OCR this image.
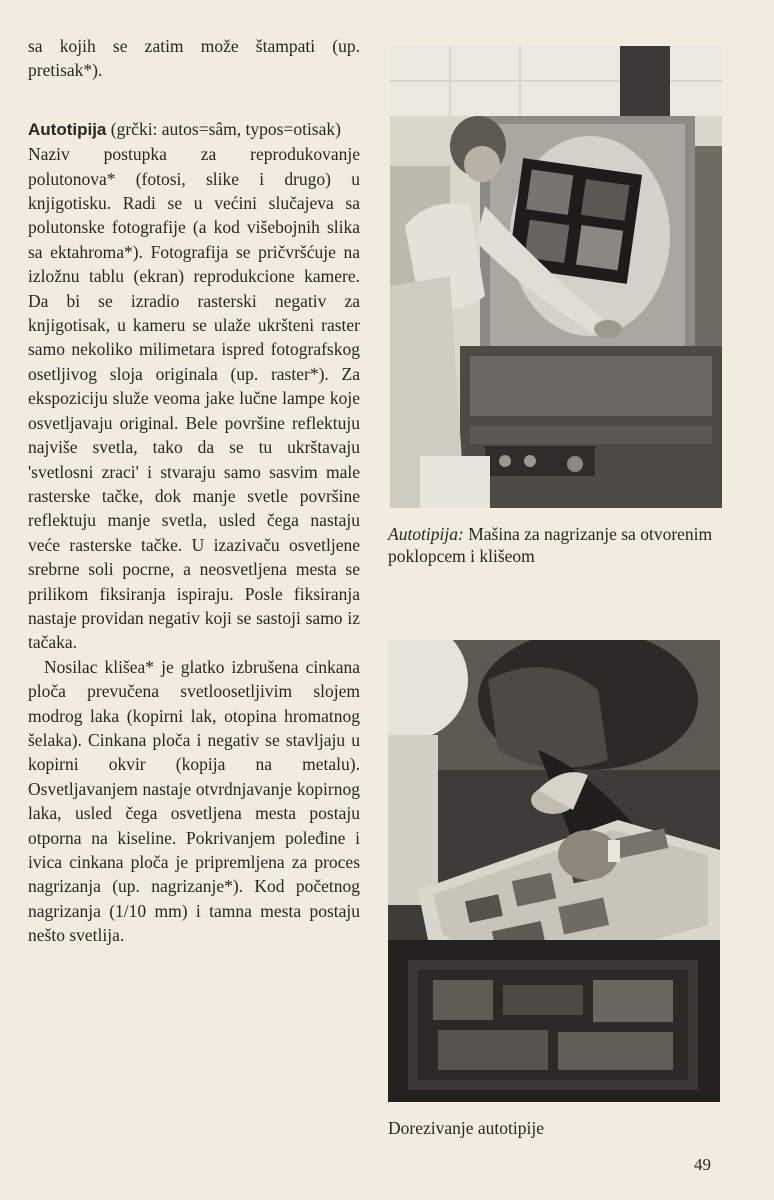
sa kojih se zatim može štampati (up. pretisak*).

Autotipija (grčki: autos=sâm, typos=otisak)

Naziv postupka za reprodukovanje polutonova* (fotosi, slike i drugo) u knjigotisku. Radi se u većini slučajeva sa polutonske fotografije (a kod višebojnih slika sa ektahroma*). Fotografija se pričvršćuje na izložnu tablu (ekran) reprodukcione kamere. Da bi se izradio rasterski negativ za knjigotisak, u kameru se ulaže ukršteni raster samo nekoliko milimetara ispred fotografskog osetljivog sloja originala (up. raster*). Za ekspoziciju služe veoma jake lučne lampe koje osvetljavaju original. Bele površine reflektuju najviše svetla, tako da se tu ukrštavaju 'svetlosni zraci' i stvaraju samo sasvim male rasterske tačke, dok manje svetle površine reflektuju manje svetla, usled čega nastaju veće rasterske tačke. U izazivaču osvetljene srebrne soli pocrne, a neosvetljena mesta se prilikom fiksiranja ispiraju. Posle fiksiranja nastaje providan negativ koji se sastoji samo iz tačaka.

Nosilac klišea* je glatko izbrušena cinkana ploča prevučena svetloosetljivim slojem modrog laka (kopirni lak, otopina hromatnog šelaka). Cinkana ploča i negativ se stavljaju u kopirni okvir (kopija na metalu). Osvetljavanjem nastaje otvrdnjavanje kopirnog laka, usled čega osvetljena mesta postaju otporna na kiseline. Pokrivanjem poleđine i ivica cinkana ploča je pripremljena za proces nagrizanja (up. nagrizanje*). Kod početnog nagrizanja (1/10 mm) i tamna mesta postaju nešto svetlija.

Autotipija: Mašina za nagrizanje sa otvorenim poklopcem i klišeom
Dorezivanje autotipije
49
